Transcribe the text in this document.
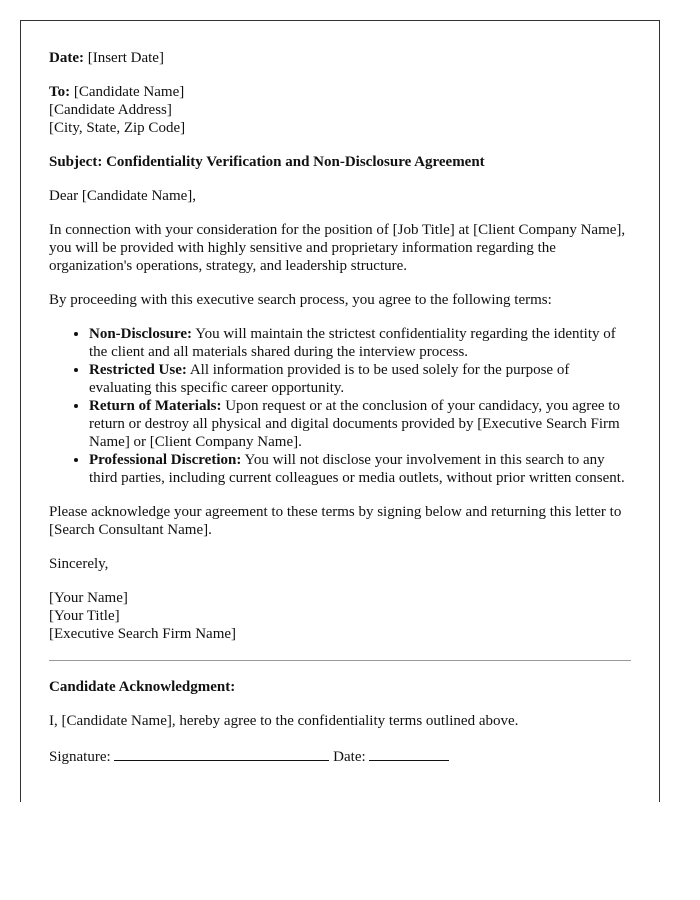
Date: [Insert Date]

To: [Candidate Name]
[Candidate Address]
[City, State, Zip Code]

Subject: Confidentiality Verification and Non-Disclosure Agreement

Dear [Candidate Name],

In connection with your consideration for the position of [Job Title] at [Client Company Name], you will be provided with highly sensitive and proprietary information regarding the organization's operations, strategy, and leadership structure.

By proceeding with this executive search process, you agree to the following terms:

• Non-Disclosure: You will maintain the strictest confidentiality regarding the identity of the client and all materials shared during the interview process.
• Restricted Use: All information provided is to be used solely for the purpose of evaluating this specific career opportunity.
• Return of Materials: Upon request or at the conclusion of your candidacy, you agree to return or destroy all physical and digital documents provided by [Executive Search Firm Name] or [Client Company Name].
• Professional Discretion: You will not disclose your involvement in this search to any third parties, including current colleagues or media outlets, without prior written consent.

Please acknowledge your agreement to these terms by signing below and returning this letter to [Search Consultant Name].

Sincerely,

[Your Name]
[Your Title]
[Executive Search Firm Name]

Candidate Acknowledgment:

I, [Candidate Name], hereby agree to the confidentiality terms outlined above.

Signature:	Date:
